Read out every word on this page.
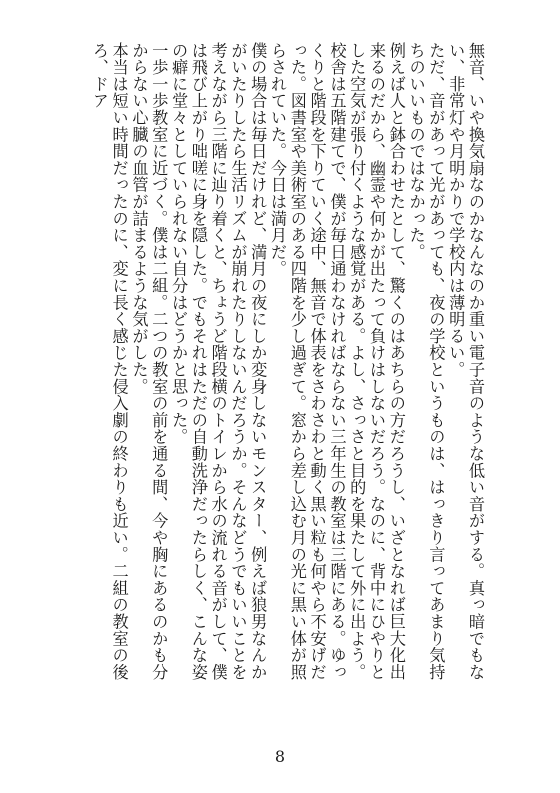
無音、いや換気扇なのかなんなのか重い電子音のような低い音がする。真っ暗でもない、非常灯や月明かりで学校内は薄明るい。

ただ、音があって光があっても、夜の学校というものは、はっきり言ってあまり気持ちのいいものではなかった。

例えば人と鉢合わせたとして、驚くのはあちらの方だろうし、いざとなれば巨大化出来るのだから、幽霊や何かが出たって負けはしないだろう。なのに、背中にひやりとした空気が張り付くような感覚がある。よし、さっさと目的を果たして外に出よう。

校舎は五階建てで、僕が毎日通わなければならない三年生の教室は三階にある。ゆっくりと階段を下りていく途中、無音で体表をさわさわと動く黒い粒も何やら不安げだった。図書室や美術室のある四階を少し過ぎて。窓から差し込む月の光に黒い体が照らされていた。今日は満月だ。

僕の場合は毎日だけれど、満月の夜にしか変身しないモンスター、例えば狼男なんかがいたりしたら生活リズムが崩れたりしないんだろうか。そんなどうでもいいことを考えながら三階に辿り着くと、ちょうど階段横のトイレから水の流れる音がして、僕は飛び上がり咄嗟に身を隠した。でもそれはただの自動洗浄だったらしく、こんな姿の癖に堂々としていられない自分はどうかと思った。

一歩一歩教室に近づく。僕は二組。二つの教室の前を通る間、今や胸にあるのかも分からない心臓の血管が詰まるような気がした。

本当は短い時間だったのに、変に長く感じた侵入劇の終わりも近い。二組の教室の後ろ、ドア

8
